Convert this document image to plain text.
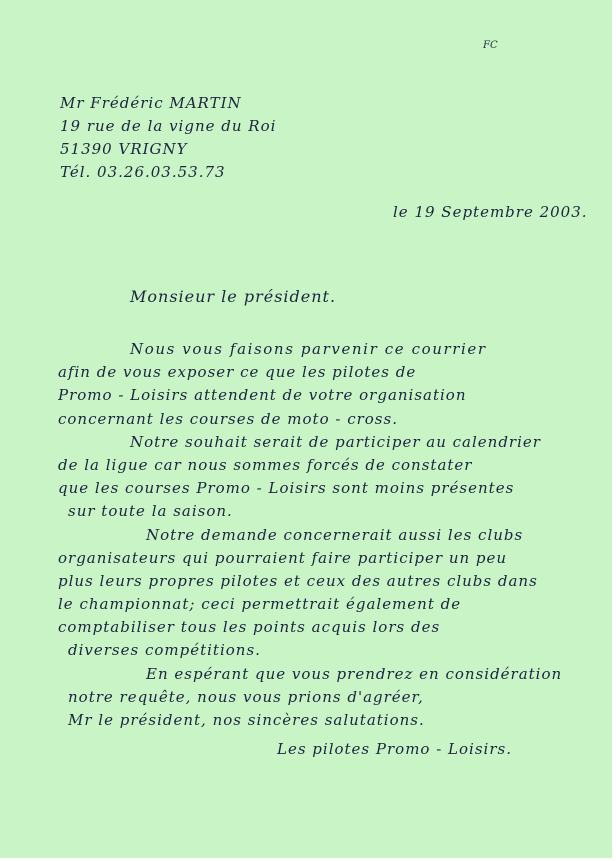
FC
Mr Frédéric MARTIN
19 rue de la vigne du Roi
51390 VRIGNY
Tél. 03.26.03.53.73
le 19 Septembre 2003.
Monsieur le président.
Nous vous faisons parvenir ce courrier
afin de vous exposer ce que les pilotes de
Promo - Loisirs attendent de votre organisation
concernant les courses de moto - cross.
Notre souhait serait de participer au calendrier
de la ligue car nous sommes forcés de constater
que les courses Promo - Loisirs sont moins présentes
sur toute la saison.
Notre demande concernerait aussi les clubs
organisateurs qui pourraient faire participer un peu
plus leurs propres pilotes et ceux des autres clubs dans
le championnat; ceci permettrait également de
comptabiliser tous les points acquis lors des
diverses compétitions.
En espérant que vous prendrez en considération
notre requête, nous vous prions d'agréer,
Mr le président, nos sincères salutations.
Les pilotes Promo - Loisirs.
